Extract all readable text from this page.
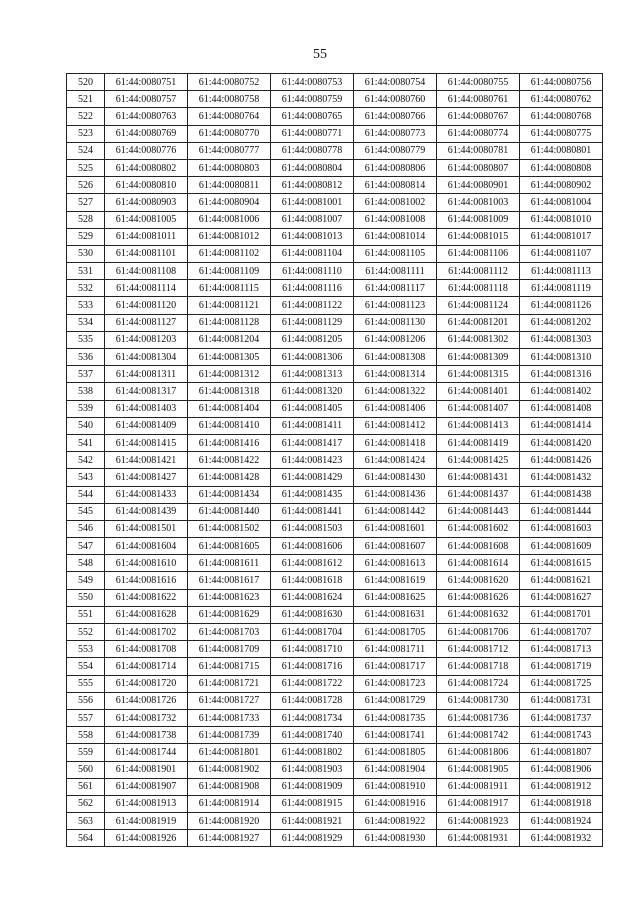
55
520	61:44:0080751	61:44:0080752	61:44:0080753	61:44:0080754	61:44:0080755	61:44:0080756
521	61:44:0080757	61:44:0080758	61:44:0080759	61:44:0080760	61:44:0080761	61:44:0080762
522	61:44:0080763	61:44:0080764	61:44:0080765	61:44:0080766	61:44:0080767	61:44:0080768
523	61:44:0080769	61:44:0080770	61:44:0080771	61:44:0080773	61:44:0080774	61:44:0080775
524	61:44:0080776	61:44:0080777	61:44:0080778	61:44:0080779	61:44:0080781	61:44:0080801
525	61:44:0080802	61:44:0080803	61:44:0080804	61:44:0080806	61:44:0080807	61:44:0080808
526	61:44:0080810	61:44:0080811	61:44:0080812	61:44:0080814	61:44:0080901	61:44:0080902
527	61:44:0080903	61:44:0080904	61:44:0081001	61:44:0081002	61:44:0081003	61:44:0081004
528	61:44:0081005	61:44:0081006	61:44:0081007	61:44:0081008	61:44:0081009	61:44:0081010
529	61:44:0081011	61:44:0081012	61:44:0081013	61:44:0081014	61:44:0081015	61:44:0081017
530	61:44:0081101	61:44:0081102	61:44:0081104	61:44:0081105	61:44:0081106	61:44:0081107
531	61:44:0081108	61:44:0081109	61:44:0081110	61:44:0081111	61:44:0081112	61:44:0081113
532	61:44:0081114	61:44:0081115	61:44:0081116	61:44:0081117	61:44:0081118	61:44:0081119
533	61:44:0081120	61:44:0081121	61:44:0081122	61:44:0081123	61:44:0081124	61:44:0081126
534	61:44:0081127	61:44:0081128	61:44:0081129	61:44:0081130	61:44:0081201	61:44:0081202
535	61:44:0081203	61:44:0081204	61:44:0081205	61:44:0081206	61:44:0081302	61:44:0081303
536	61:44:0081304	61:44:0081305	61:44:0081306	61:44:0081308	61:44:0081309	61:44:0081310
537	61:44:0081311	61:44:0081312	61:44:0081313	61:44:0081314	61:44:0081315	61:44:0081316
538	61:44:0081317	61:44:0081318	61:44:0081320	61:44:0081322	61:44:0081401	61:44:0081402
539	61:44:0081403	61:44:0081404	61:44:0081405	61:44:0081406	61:44:0081407	61:44:0081408
540	61:44:0081409	61:44:0081410	61:44:0081411	61:44:0081412	61:44:0081413	61:44:0081414
541	61:44:0081415	61:44:0081416	61:44:0081417	61:44:0081418	61:44:0081419	61:44:0081420
542	61:44:0081421	61:44:0081422	61:44:0081423	61:44:0081424	61:44:0081425	61:44:0081426
543	61:44:0081427	61:44:0081428	61:44:0081429	61:44:0081430	61:44:0081431	61:44:0081432
544	61:44:0081433	61:44:0081434	61:44:0081435	61:44:0081436	61:44:0081437	61:44:0081438
545	61:44:0081439	61:44:0081440	61:44:0081441	61:44:0081442	61:44:0081443	61:44:0081444
546	61:44:0081501	61:44:0081502	61:44:0081503	61:44:0081601	61:44:0081602	61:44:0081603
547	61:44:0081604	61:44:0081605	61:44:0081606	61:44:0081607	61:44:0081608	61:44:0081609
548	61:44:0081610	61:44:0081611	61:44:0081612	61:44:0081613	61:44:0081614	61:44:0081615
549	61:44:0081616	61:44:0081617	61:44:0081618	61:44:0081619	61:44:0081620	61:44:0081621
550	61:44:0081622	61:44:0081623	61:44:0081624	61:44:0081625	61:44:0081626	61:44:0081627
551	61:44:0081628	61:44:0081629	61:44:0081630	61:44:0081631	61:44:0081632	61:44:0081701
552	61:44:0081702	61:44:0081703	61:44:0081704	61:44:0081705	61:44:0081706	61:44:0081707
553	61:44:0081708	61:44:0081709	61:44:0081710	61:44:0081711	61:44:0081712	61:44:0081713
554	61:44:0081714	61:44:0081715	61:44:0081716	61:44:0081717	61:44:0081718	61:44:0081719
555	61:44:0081720	61:44:0081721	61:44:0081722	61:44:0081723	61:44:0081724	61:44:0081725
556	61:44:0081726	61:44:0081727	61:44:0081728	61:44:0081729	61:44:0081730	61:44:0081731
557	61:44:0081732	61:44:0081733	61:44:0081734	61:44:0081735	61:44:0081736	61:44:0081737
558	61:44:0081738	61:44:0081739	61:44:0081740	61:44:0081741	61:44:0081742	61:44:0081743
559	61:44:0081744	61:44:0081801	61:44:0081802	61:44:0081805	61:44:0081806	61:44:0081807
560	61:44:0081901	61:44:0081902	61:44:0081903	61:44:0081904	61:44:0081905	61:44:0081906
561	61:44:0081907	61:44:0081908	61:44:0081909	61:44:0081910	61:44:0081911	61:44:0081912
562	61:44:0081913	61:44:0081914	61:44:0081915	61:44:0081916	61:44:0081917	61:44:0081918
563	61:44:0081919	61:44:0081920	61:44:0081921	61:44:0081922	61:44:0081923	61:44:0081924
564	61:44:0081926	61:44:0081927	61:44:0081929	61:44:0081930	61:44:0081931	61:44:0081932
